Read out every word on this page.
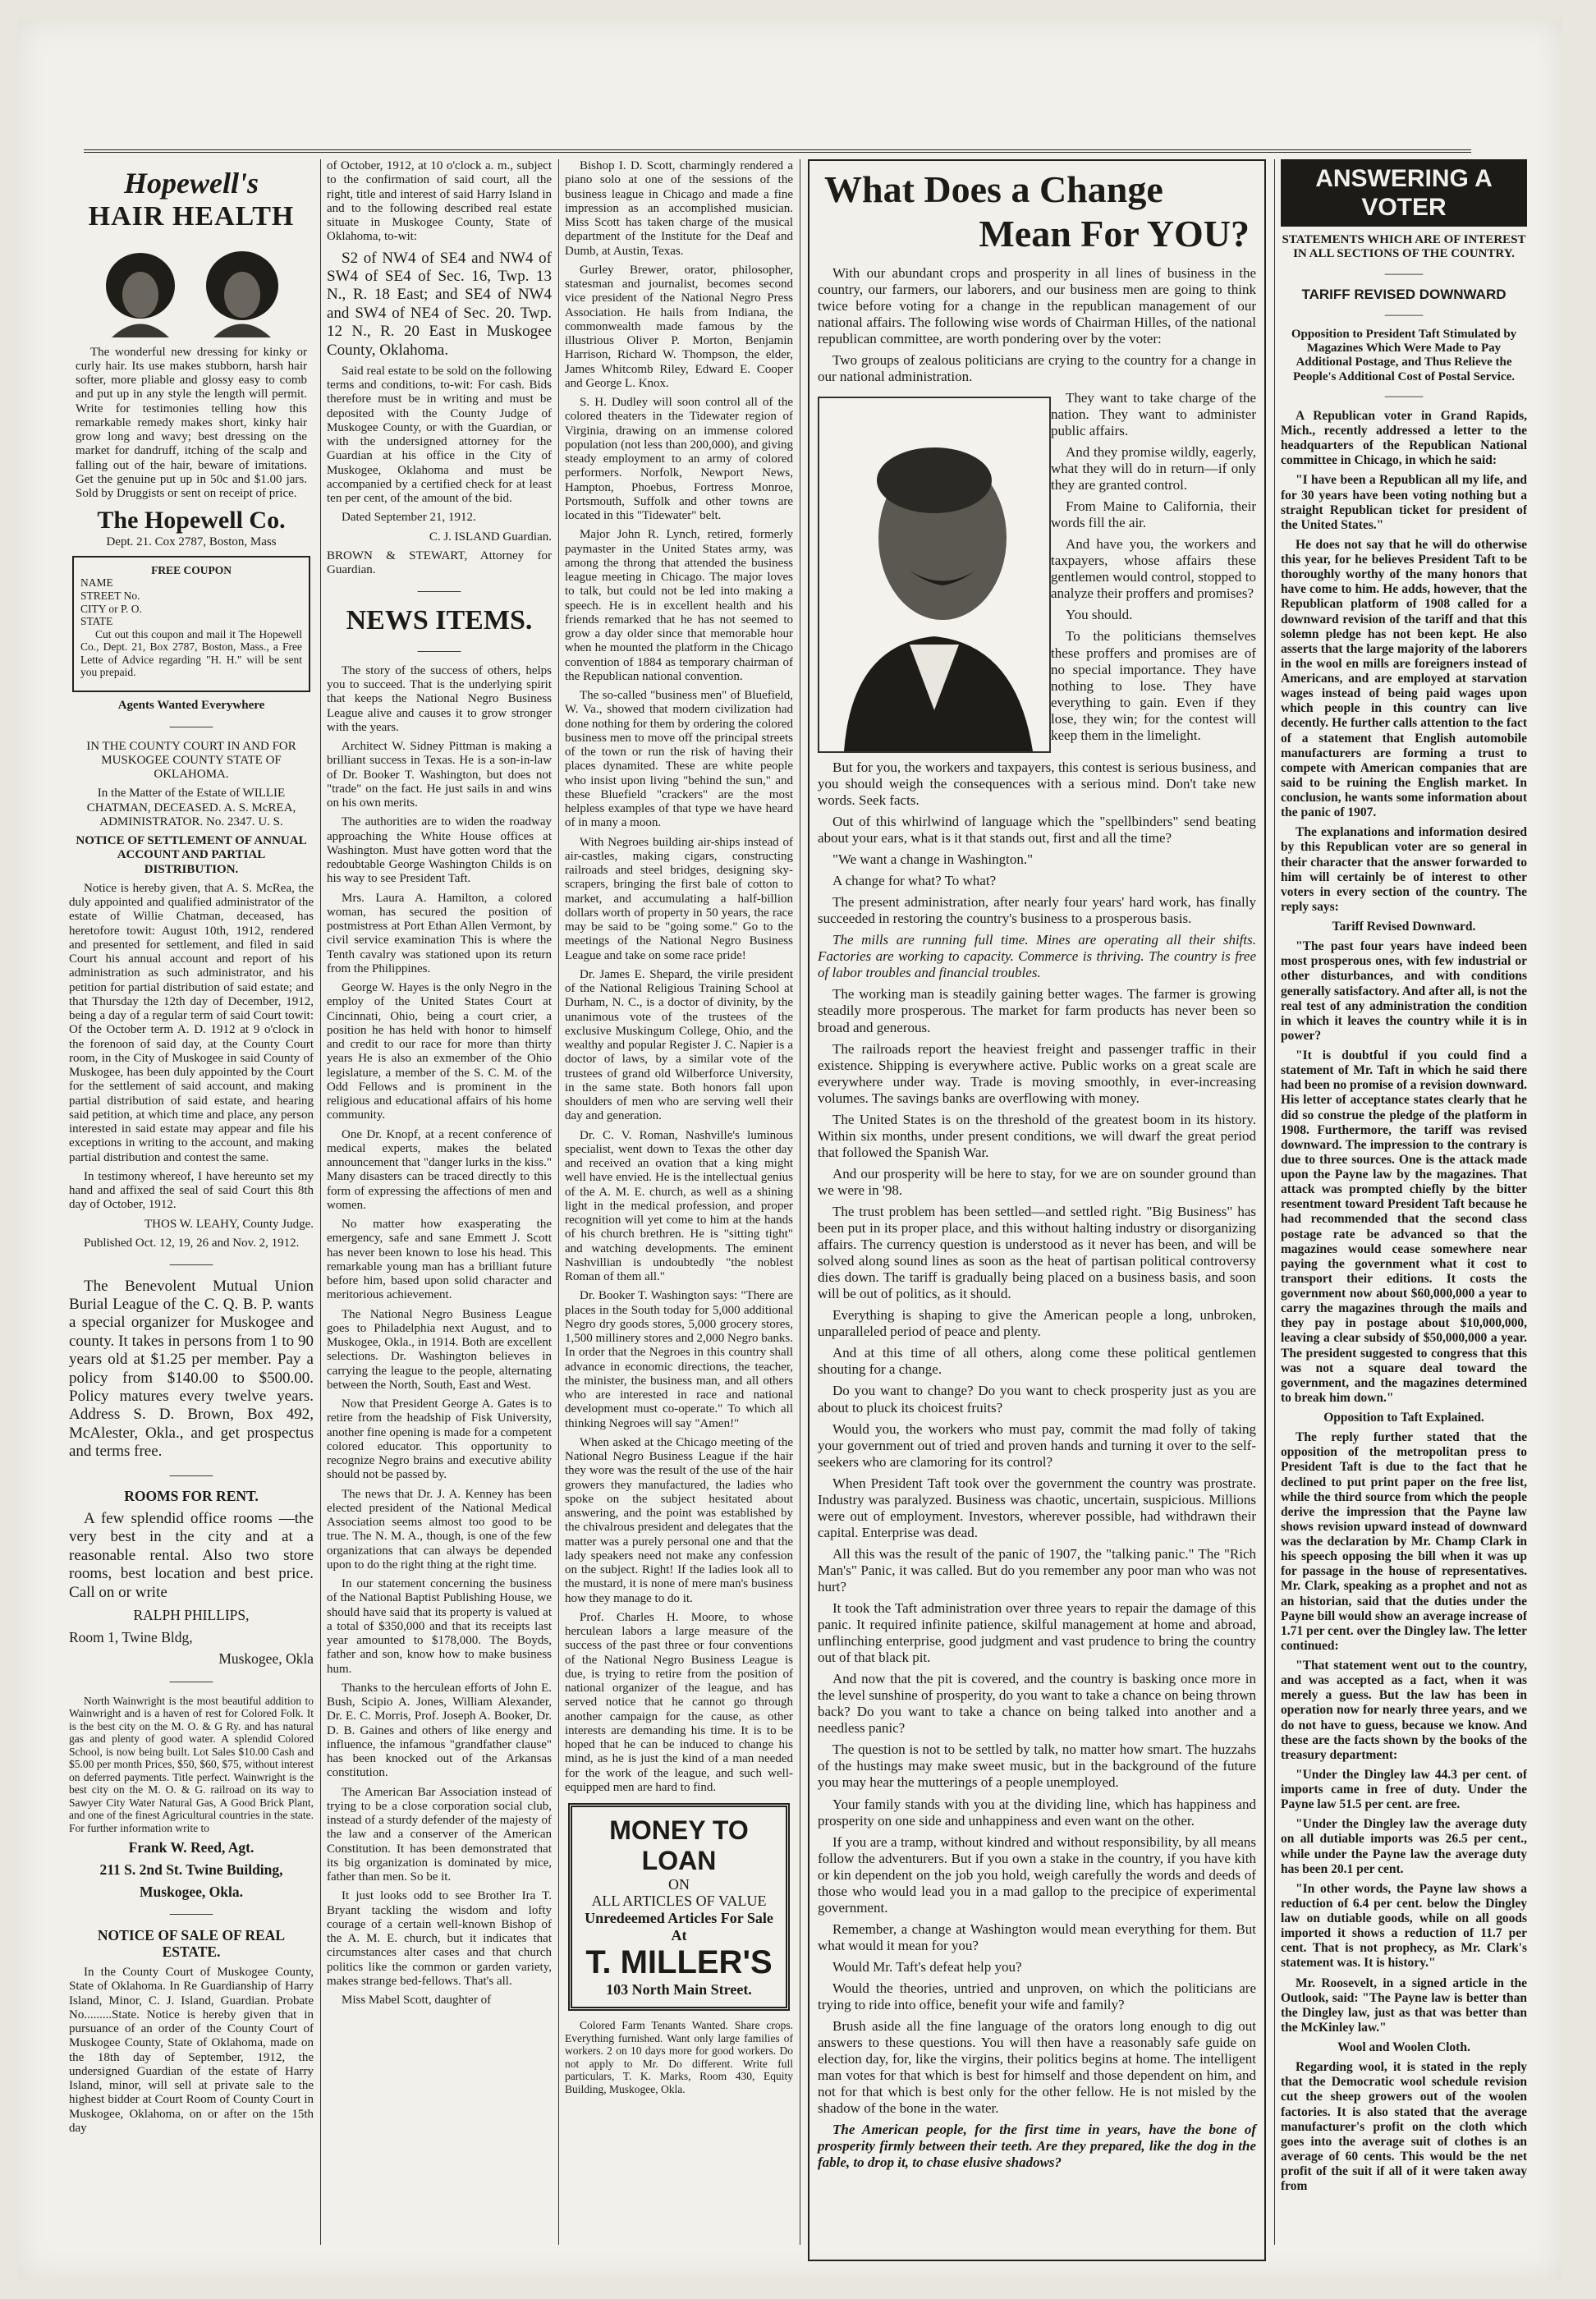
Hopewell's
HAIR HEALTH

The wonderful new dressing for kinky or curly hair. Its use makes stubborn, harsh hair softer, more pliable and glossy easy to comb and put up in any style the length will permit. Write for testimonies telling how this remarkable remedy makes short, kinky hair grow long and wavy; best dressing on the market for dandruff, itching of the scalp and falling out of the hair, beware of imitations. Get the genuine put up in 50c and $1.00 jars. Sold by Druggists or sent on receipt of price.

The Hopewell Co.
Dept. 21. Cox 2787, Boston, Mass
FREE COUPON
NAME
STREET No.
CITY or P. O.
STATE

Cut out this coupon and mail it The Hopewell Co., Dept. 21, Box 2787, Boston, Mass., a Free Lette of Advice regarding "H. H." will be sent you prepaid.

Agents Wanted Everywhere
———

IN THE COUNTY COURT IN AND FOR MUSKOGEE COUNTY STATE OF OKLAHOMA.

In the Matter of the Estate of WILLIE CHATMAN, DECEASED. A. S. McREA, ADMINISTRATOR. No. 2347. U. S.

NOTICE OF SETTLEMENT OF ANNUAL ACCOUNT AND PARTIAL DISTRIBUTION.

Notice is hereby given, that A. S. McRea, the duly appointed and qualified administrator of the estate of Willie Chatman, deceased, has heretofore towit: August 10th, 1912, rendered and presented for settlement, and filed in said Court his annual account and report of his administration as such administrator, and his petition for partial distribution of said estate; and that Thursday the 12th day of December, 1912, being a day of a regular term of said Court towit: Of the October term A. D. 1912 at 9 o'clock in the forenoon of said day, at the County Court room, in the City of Muskogee in said County of Muskogee, has been duly appointed by the Court for the settlement of said account, and making partial distribution of said estate, and hearing said petition, at which time and place, any person interested in said estate may appear and file his exceptions in writing to the account, and making partial distribution and contest the same.

In testimony whereof, I have hereunto set my hand and affixed the seal of said Court this 8th day of October, 1912.

THOS W. LEAHY, County Judge.

Published Oct. 12, 19, 26 and Nov. 2, 1912.

———

The Benevolent Mutual Union Burial League of the C. Q. B. P. wants a special organizer for Muskogee and county. It takes in persons from 1 to 90 years old at $1.25 per member. Pay a policy from $140.00 to $500.00. Policy matures every twelve years. Address S. D. Brown, Box 492, McAlester, Okla., and get prospectus and terms free.

———

ROOMS FOR RENT.

A few splendid office rooms —the very best in the city and at a reasonable rental. Also two store rooms, best location and best price. Call on or write

RALPH PHILLIPS,

Room 1, Twine Bldg,

Muskogee, Okla

———

North Wainwright is the most beautiful addition to Wainwright and is a haven of rest for Colored Folk. It is the best city on the M. O. & G Ry. and has natural gas and plenty of good water. A splendid Colored School, is now being built. Lot Sales $10.00 Cash and $5.00 per month Prices, $50, $60, $75, without interest on deferred payments. Title perfect. Wainwright is the best city on the M. O. & G. railroad on its way to Sawyer City Water Natural Gas, A Good Brick Plant, and one of the finest Agricultural countries in the state. For further information write to

Frank W. Reed, Agt.

211 S. 2nd St. Twine Building,

Muskogee, Okla.

———

NOTICE OF SALE OF REAL ESTATE.

In the County Court of Muskogee County, State of Oklahoma. In Re Guardianship of Harry Island, Minor, C. J. Island, Guardian. Probate No.........State. Notice is hereby given that in pursuance of an order of the County Court of Muskogee County, State of Oklahoma, made on the 18th day of September, 1912, the undersigned Guardian of the estate of Harry Island, minor, will sell at private sale to the highest bidder at Court Room of County Court in Muskogee, Oklahoma, on or after on the 15th day

of October, 1912, at 10 o'clock a. m., subject to the confirmation of said court, all the right, title and interest of said Harry Island in and to the following described real estate situate in Muskogee County, State of Oklahoma, to-wit:

S2 of NW4 of SE4 and NW4 of SW4 of SE4 of Sec. 16, Twp. 13 N., R. 18 East; and SE4 of NW4 and SW4 of NE4 of Sec. 20. Twp. 12 N., R. 20 East in Muskogee County, Oklahoma.

Said real estate to be sold on the following terms and conditions, to-wit: For cash. Bids therefore must be in writing and must be deposited with the County Judge of Muskogee County, or with the Guardian, or with the undersigned attorney for the Guardian at his office in the City of Muskogee, Oklahoma and must be accompanied by a certified check for at least ten per cent, of the amount of the bid.

Dated September 21, 1912.

C. J. ISLAND Guardian.

BROWN & STEWART, Attorney for Guardian.

———
NEWS ITEMS.
———

The story of the success of others, helps you to succeed. That is the underlying spirit that keeps the National Negro Business League alive and causes it to grow stronger with the years.

Architect W. Sidney Pittman is making a brilliant success in Texas. He is a son-in-law of Dr. Booker T. Washington, but does not "trade" on the fact. He just sails in and wins on his own merits.

The authorities are to widen the roadway approaching the White House offices at Washington. Must have gotten word that the redoubtable George Washington Childs is on his way to see President Taft.

Mrs. Laura A. Hamilton, a colored woman, has secured the position of postmistress at Port Ethan Allen Vermont, by civil service examination This is where the Tenth cavalry was stationed upon its return from the Philippines.

George W. Hayes is the only Negro in the employ of the United States Court at Cincinnati, Ohio, being a court crier, a position he has held with honor to himself and credit to our race for more than thirty years He is also an exmember of the Ohio legislature, a member of the S. C. M. of the Odd Fellows and is prominent in the religious and educational affairs of his home community.

One Dr. Knopf, at a recent conference of medical experts, makes the belated announcement that "danger lurks in the kiss." Many disasters can be traced directly to this form of expressing the affections of men and women.

No matter how exasperating the emergency, safe and sane Emmett J. Scott has never been known to lose his head. This remarkable young man has a brilliant future before him, based upon solid character and meritorious achievement.

The National Negro Business League goes to Philadelphia next August, and to Muskogee, Okla., in 1914. Both are excellent selections. Dr. Washington believes in carrying the league to the people, alternating between the North, South, East and West.

Now that President George A. Gates is to retire from the headship of Fisk University, another fine opening is made for a competent colored educator. This opportunity to recognize Negro brains and executive ability should not be passed by.

The news that Dr. J. A. Kenney has been elected president of the National Medical Association seems almost too good to be true. The N. M. A., though, is one of the few organizations that can always be depended upon to do the right thing at the right time.

In our statement concerning the business of the National Baptist Publishing House, we should have said that its property is valued at a total of $350,000 and that its receipts last year amounted to $178,000. The Boyds, father and son, know how to make business hum.

Thanks to the herculean efforts of John E. Bush, Scipio A. Jones, William Alexander, Dr. E. C. Morris, Prof. Joseph A. Booker, Dr. D. B. Gaines and others of like energy and influence, the infamous "grandfather clause" has been knocked out of the Arkansas constitution.

The American Bar Association instead of trying to be a close corporation social club, instead of a sturdy defender of the majesty of the law and a conserver of the American Constitution. It has been demonstrated that its big organization is dominated by mice, father than men. So be it.

It just looks odd to see Brother Ira T. Bryant tackling the wisdom and lofty courage of a certain well-known Bishop of the A. M. E. church, but it indicates that circumstances alter cases and that church politics like the common or garden variety, makes strange bed-fellows. That's all.

Miss Mabel Scott, daughter of

Bishop I. D. Scott, charmingly rendered a piano solo at one of the sessions of the business league in Chicago and made a fine impression as an accomplished musician. Miss Scott has taken charge of the musical department of the Institute for the Deaf and Dumb, at Austin, Texas.

Gurley Brewer, orator, philosopher, statesman and journalist, becomes second vice president of the National Negro Press Association. He hails from Indiana, the commonwealth made famous by the illustrious Oliver P. Morton, Benjamin Harrison, Richard W. Thompson, the elder, James Whitcomb Riley, Edward E. Cooper and George L. Knox.

S. H. Dudley will soon control all of the colored theaters in the Tidewater region of Virginia, drawing on an immense colored population (not less than 200,000), and giving steady employment to an army of colored performers. Norfolk, Newport News, Hampton, Phoebus, Fortress Monroe, Portsmouth, Suffolk and other towns are located in this "Tidewater" belt.

Major John R. Lynch, retired, formerly paymaster in the United States army, was among the throng that attended the business league meeting in Chicago. The major loves to talk, but could not be led into making a speech. He is in excellent health and his friends remarked that he has not seemed to grow a day older since that memorable hour when he mounted the platform in the Chicago convention of 1884 as temporary chairman of the Republican national convention.

The so-called "business men" of Bluefield, W. Va., showed that modern civilization had done nothing for them by ordering the colored business men to move off the principal streets of the town or run the risk of having their places dynamited. These are white people who insist upon living "behind the sun," and these Bluefield "crackers" are the most helpless examples of that type we have heard of in many a moon.

With Negroes building air-ships instead of air-castles, making cigars, constructing railroads and steel bridges, designing sky-scrapers, bringing the first bale of cotton to market, and accumulating a half-billion dollars worth of property in 50 years, the race may be said to be "going some." Go to the meetings of the National Negro Business League and take on some race pride!

Dr. James E. Shepard, the virile president of the National Religious Training School at Durham, N. C., is a doctor of divinity, by the unanimous vote of the trustees of the exclusive Muskingum College, Ohio, and the wealthy and popular Register J. C. Napier is a doctor of laws, by a similar vote of the trustees of grand old Wilberforce University, in the same state. Both honors fall upon shoulders of men who are serving well their day and generation.

Dr. C. V. Roman, Nashville's luminous specialist, went down to Texas the other day and received an ovation that a king might well have envied. He is the intellectual genius of the A. M. E. church, as well as a shining light in the medical profession, and proper recognition will yet come to him at the hands of his church brethren. He is "sitting tight" and watching developments. The eminent Nashvillian is undoubtedly "the noblest Roman of them all."

Dr. Booker T. Washington says: "There are places in the South today for 5,000 additional Negro dry goods stores, 5,000 grocery stores, 1,500 millinery stores and 2,000 Negro banks. In order that the Negroes in this country shall advance in economic directions, the teacher, the minister, the business man, and all others who are interested in race and national development must co-operate." To which all thinking Negroes will say "Amen!"

When asked at the Chicago meeting of the National Negro Business League if the hair they wore was the result of the use of the hair growers they manufactured, the ladies who spoke on the subject hesitated about answering, and the point was established by the chivalrous president and delegates that the matter was a purely personal one and that the lady speakers need not make any confession on the subject. Right! If the ladies look all to the mustard, it is none of mere man's business how they manage to do it.

Prof. Charles H. Moore, to whose herculean labors a large measure of the success of the past three or four conventions of the National Negro Business League is due, is trying to retire from the position of national organizer of the league, and has served notice that he cannot go through another campaign for the cause, as other interests are demanding his time. It is to be hoped that he can be induced to change his mind, as he is just the kind of a man needed for the work of the league, and such well-equipped men are hard to find.

MONEY TO LOAN
ON
ALL ARTICLES OF VALUE
Unredeemed Articles For Sale At
T. MILLER'S
103 North Main Street.

Colored Farm Tenants Wanted. Share crops. Everything furnished. Want only large families of workers. 2 on 10 days more for good workers. Do not apply to Mr. Do different. Write full particulars, T. K. Marks, Room 430, Equity Building, Muskogee, Okla.

What Does a Change
Mean For YOU?

With our abundant crops and prosperity in all lines of business in the country, our farmers, our laborers, and our business men are going to think twice before voting for a change in the republican management of our national affairs. The following wise words of Chairman Hilles, of the national republican committee, are worth pondering over by the voter:

Two groups of zealous politicians are crying to the country for a change in our national administration.

They want to take charge of the nation. They want to administer public affairs.

And they promise wildly, eagerly, what they will do in return—if only they are granted control.

From Maine to California, their words fill the air.

And have you, the workers and taxpayers, whose affairs these gentlemen would control, stopped to analyze their proffers and promises?

You should.

To the politicians themselves these proffers and promises are of no special importance. They have nothing to lose. They have everything to gain. Even if they lose, they win; for the contest will keep them in the limelight.

But for you, the workers and taxpayers, this contest is serious business, and you should weigh the consequences with a serious mind. Don't take new words. Seek facts.

Out of this whirlwind of language which the "spellbinders" send beating about your ears, what is it that stands out, first and all the time?

"We want a change in Washington."

A change for what? To what?

The present administration, after nearly four years' hard work, has finally succeeded in restoring the country's business to a prosperous basis.

The mills are running full time. Mines are operating all their shifts. Factories are working to capacity. Commerce is thriving. The country is free of labor troubles and financial troubles.

The working man is steadily gaining better wages. The farmer is growing steadily more prosperous. The market for farm products has never been so broad and generous.

The railroads report the heaviest freight and passenger traffic in their existence. Shipping is everywhere active. Public works on a great scale are everywhere under way. Trade is moving smoothly, in ever-increasing volumes. The savings banks are overflowing with money.

The United States is on the threshold of the greatest boom in its history. Within six months, under present conditions, we will dwarf the great period that followed the Spanish War.

And our prosperity will be here to stay, for we are on sounder ground than we were in '98.

The trust problem has been settled—and settled right. "Big Business" has been put in its proper place, and this without halting industry or disorganizing affairs. The currency question is understood as it never has been, and will be solved along sound lines as soon as the heat of partisan political controversy dies down. The tariff is gradually being placed on a business basis, and soon will be out of politics, as it should.

Everything is shaping to give the American people a long, unbroken, unparalleled period of peace and plenty.

And at this time of all others, along come these political gentlemen shouting for a change.

Do you want to change? Do you want to check prosperity just as you are about to pluck its choicest fruits?

Would you, the workers who must pay, commit the mad folly of taking your government out of tried and proven hands and turning it over to the self-seekers who are clamoring for its control?

When President Taft took over the government the country was prostrate. Industry was paralyzed. Business was chaotic, uncertain, suspicious. Millions were out of employment. Investors, wherever possible, had withdrawn their capital. Enterprise was dead.

All this was the result of the panic of 1907, the "talking panic." The "Rich Man's" Panic, it was called. But do you remember any poor man who was not hurt?

It took the Taft administration over three years to repair the damage of this panic. It required infinite patience, skilful management at home and abroad, unflinching enterprise, good judgment and vast prudence to bring the country out of that black pit.

And now that the pit is covered, and the country is basking once more in the level sunshine of prosperity, do you want to take a chance on being thrown back? Do you want to take a chance on being talked into another and a needless panic?

The question is not to be settled by talk, no matter how smart. The huzzahs of the hustings may make sweet music, but in the background of the future you may hear the mutterings of a people unemployed.

Your family stands with you at the dividing line, which has happiness and prosperity on one side and unhappiness and even want on the other.

If you are a tramp, without kindred and without responsibility, by all means follow the adventurers. But if you own a stake in the country, if you have kith or kin dependent on the job you hold, weigh carefully the words and deeds of those who would lead you in a mad gallop to the precipice of experimental government.

Remember, a change at Washington would mean everything for them. But what would it mean for you?

Would Mr. Taft's defeat help you?

Would the theories, untried and unproven, on which the politicians are trying to ride into office, benefit your wife and family?

Brush aside all the fine language of the orators long enough to dig out answers to these questions. You will then have a reasonably safe guide on election day, for, like the virgins, their politics begins at home. The intelligent man votes for that which is best for himself and those dependent on him, and not for that which is best only for the other fellow. He is not misled by the shadow of the bone in the water.

The American people, for the first time in years, have the bone of prosperity firmly between their teeth. Are they prepared, like the dog in the fable, to drop it, to chase elusive shadows?

ANSWERING A VOTER

STATEMENTS WHICH ARE OF INTEREST IN ALL SECTIONS OF THE COUNTRY.

———

TARIFF REVISED DOWNWARD

———

Opposition to President Taft Stimulated by Magazines Which Were Made to Pay Additional Postage, and Thus Relieve the People's Additional Cost of Postal Service.

———

A Republican voter in Grand Rapids, Mich., recently addressed a letter to the headquarters of the Republican National committee in Chicago, in which he said:

"I have been a Republican all my life, and for 30 years have been voting nothing but a straight Republican ticket for president of the United States."

He does not say that he will do otherwise this year, for he believes President Taft to be thoroughly worthy of the many honors that have come to him. He adds, however, that the Republican platform of 1908 called for a downward revision of the tariff and that this solemn pledge has not been kept. He also asserts that the large majority of the laborers in the wool en mills are foreigners instead of Americans, and are employed at starvation wages instead of being paid wages upon which people in this country can live decently. He further calls attention to the fact of a statement that English automobile manufacturers are forming a trust to compete with American companies that are said to be ruining the English market. In conclusion, he wants some information about the panic of 1907.

The explanations and information desired by this Republican voter are so general in their character that the answer forwarded to him will certainly be of interest to other voters in every section of the country. The reply says:

Tariff Revised Downward.

"The past four years have indeed been most prosperous ones, with few industrial or other disturbances, and with conditions generally satisfactory. And after all, is not the real test of any administration the condition in which it leaves the country while it is in power?

"It is doubtful if you could find a statement of Mr. Taft in which he said there had been no promise of a revision downward. His letter of acceptance states clearly that he did so construe the pledge of the platform in 1908. Furthermore, the tariff was revised downward. The impression to the contrary is due to three sources. One is the attack made upon the Payne law by the magazines. That attack was prompted chiefly by the bitter resentment toward President Taft because he had recommended that the second class postage rate be advanced so that the magazines would cease somewhere near paying the government what it cost to transport their editions. It costs the government now about $60,000,000 a year to carry the magazines through the mails and they pay in postage about $10,000,000, leaving a clear subsidy of $50,000,000 a year. The president suggested to congress that this was not a square deal toward the government, and the magazines determined to break him down."

Opposition to Taft Explained.

The reply further stated that the opposition of the metropolitan press to President Taft is due to the fact that he declined to put print paper on the free list, while the third source from which the people derive the impression that the Payne law shows revision upward instead of downward was the declaration by Mr. Champ Clark in his speech opposing the bill when it was up for passage in the house of representatives. Mr. Clark, speaking as a prophet and not as an historian, said that the duties under the Payne bill would show an average increase of 1.71 per cent. over the Dingley law. The letter continued:

"That statement went out to the country, and was accepted as a fact, when it was merely a guess. But the law has been in operation now for nearly three years, and we do not have to guess, because we know. And these are the facts shown by the books of the treasury department:

"Under the Dingley law 44.3 per cent. of imports came in free of duty. Under the Payne law 51.5 per cent. are free.

"Under the Dingley law the average duty on all dutiable imports was 26.5 per cent., while under the Payne law the average duty has been 20.1 per cent.

"In other words, the Payne law shows a reduction of 6.4 per cent. below the Dingley law on dutiable goods, while on all goods imported it shows a reduction of 11.7 per cent. That is not prophecy, as Mr. Clark's statement was. It is history."

Mr. Roosevelt, in a signed article in the Outlook, said: "The Payne law is better than the Dingley law, just as that was better than the McKinley law."

Wool and Woolen Cloth.

Regarding wool, it is stated in the reply that the Democratic wool schedule revision cut the sheep growers out of the woolen factories. It is also stated that the average manufacturer's profit on the cloth which goes into the average suit of clothes is an average of 60 cents. This would be the net profit of the suit if all of it were taken away from
